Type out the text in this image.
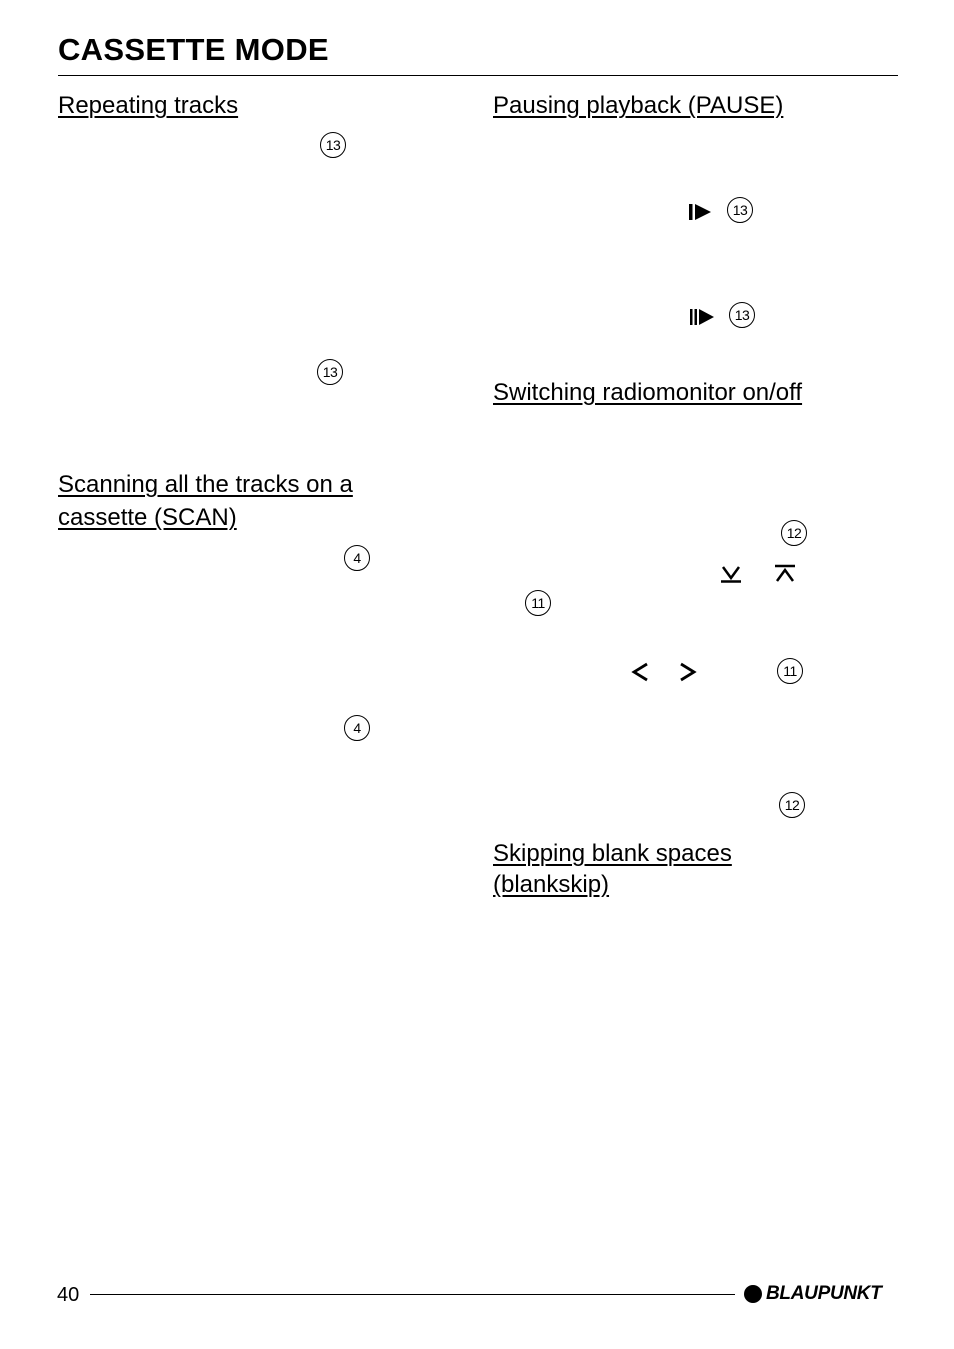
CASSETTE MODE
Repeating tracks
13
13
Scanning all the tracks on a
cassette (SCAN)
4
4
Pausing playback (PAUSE)
13
13
Switching radiomonitor on/off
12
11
11
12
Skipping blank spaces
(blankskip)
40	BLAUPUNKT
